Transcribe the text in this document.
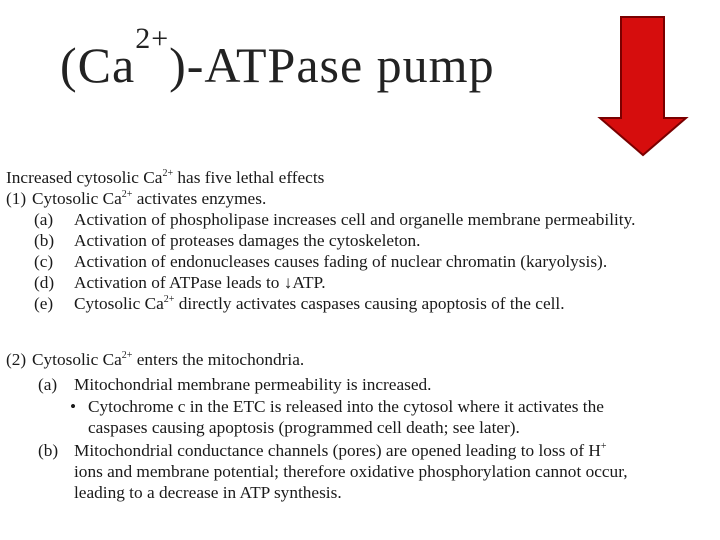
$(Ca^{2+})$-ATPase pump
Increased cytosolic $Ca^{2+}$ has five lethal effects
(1) Cytosolic $Ca^{2+}$ activates enzymes.
(a) Activation of phospholipase increases cell and organelle membrane permeability.
(b) Activation of proteases damages the cytoskeleton.
(c) Activation of endonucleases causes fading of nuclear chromatin (karyolysis).
(d) Activation of ATPase leads to ↓ATP.
(e) Cytosolic $Ca^{2+}$ directly activates caspases causing apoptosis of the cell.
(2) Cytosolic $Ca^{2+}$ enters the mitochondria.
(a) Mitochondrial membrane permeability is increased.
• Cytochrome c in the ETC is released into the cytosol where it activates the
caspases causing apoptosis (programmed cell death; see later).
(b) Mitochondrial conductance channels (pores) are opened leading to loss of H+
ions and membrane potential; therefore oxidative phosphorylation cannot occur,
leading to a decrease in ATP synthesis.
